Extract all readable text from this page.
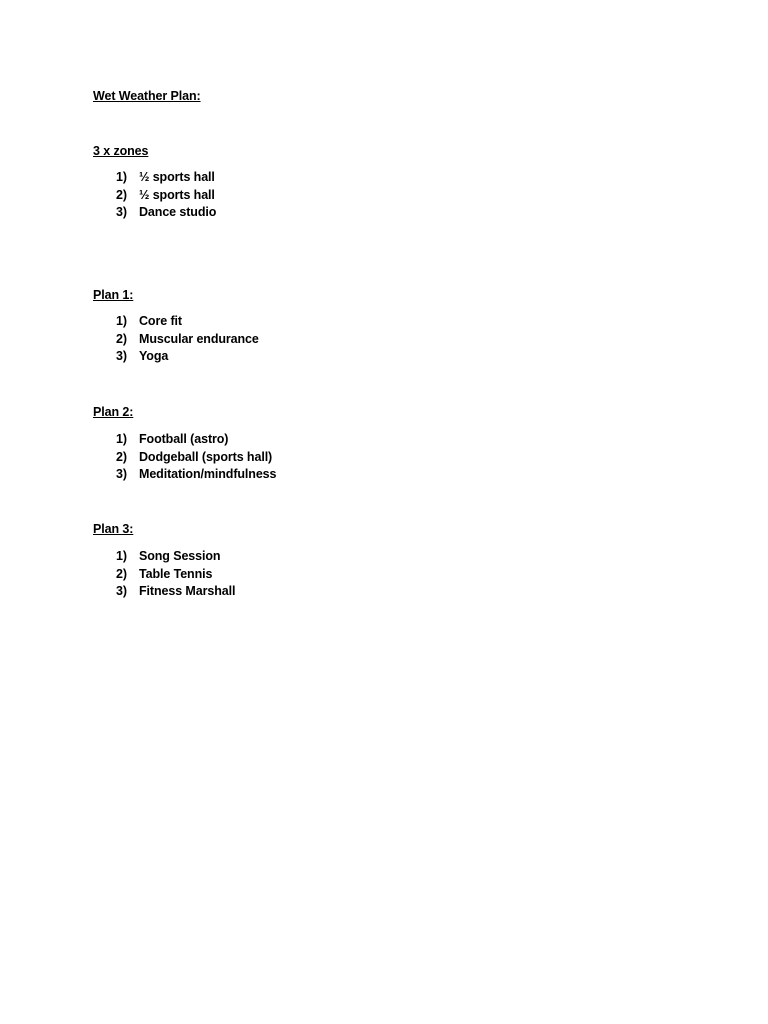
Wet Weather Plan:
3 x zones
1) ½ sports hall
2) ½ sports hall
3) Dance studio
Plan 1:
1) Core fit
2) Muscular endurance
3) Yoga
Plan 2:
1) Football (astro)
2) Dodgeball (sports hall)
3) Meditation/mindfulness
Plan 3:
1) Song Session
2) Table Tennis
3) Fitness Marshall
